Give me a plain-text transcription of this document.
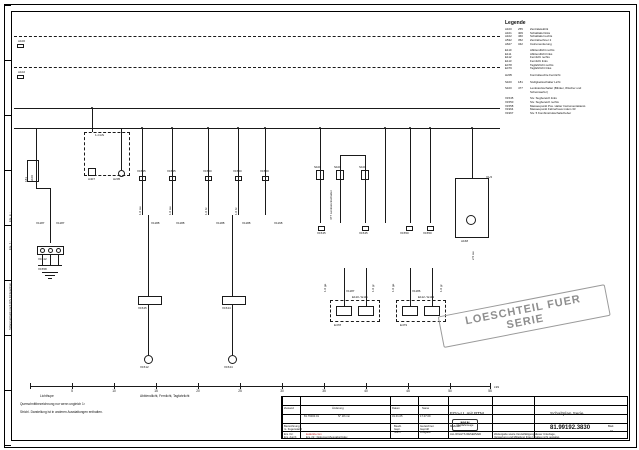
Schutzvermerk nach DIN 34 beachten
Ers. f. :
Ers. d. :
Legende
A100	255	Zentralelektrik
A101	409	Schalttafel links
A102	460	Schalttafel rechts
A532	352	Zentralrechner 2
A627	342	Instrumentierung
E110	Abblendlicht rechts
E111	Abblendlicht links
E112	Fernlicht rechts
E113	Fernlicht links
E478	Tagfahrlicht rechts
E479	Tagfahrlicht links
H205	Kontrolleuchte Fernlicht
S100	181	Stufigkeitsschalter Licht
S100	477	Lenkstockschalter (Blinker, Wischer und
Scheinwerfer)
X1545	Stv. Sugbereich links
X1550	Stv. Sugbereich rechts
X1558	Masseupunkt Pos. Halter Instrumentatianst.
X1964	Masseupunkt Fahrerhaus indem 33
X1967	Stv. 5 Kombinstrukschalscheber
A100
A102
S100
181
X1512
X1558
1-CAN
H205
A407
X1545
1.0 sw
X1545
1.0 sw
X1550
1.0 br
X1550
1.0 br
X1550
A168
X1/2
S100	S100	S100
477 Lenkstockschalter
X1187	X1187	X1188	X1188	X1188	X1188	X1168
X1545	X1545	X1550	X1550
E110 / E111	E112 / E113
E478	E479
X1187	X1186
X1544
X1545
X1512	X1544
1.0 ge	1.0 gr	1.0 ge	1.0 gr
2.5 sw
5	10	15	20	25	30	35	40	45	50	55
L99
Lichthupe	Abblendlicht, Fernlicht, Tagfahrlicht
Querschnittbezeichnung nur wenn ungleich 1²
Strichl. Darstellung ist in anderen Ausstattungen enthalten.
LOESCHTEIL FUER SERIE
81.76000.01	N° 18 nnn	31.01.05	17.07.09
Zustand	Änderung	Datum	Name
Bezeichnung
m. Fugenstand
Ers. für:
Ers. durch:
Bearb.
Gepr.
Norm
Gezeichnet
Geprüft
Freigabe
Maßstab
kedentiv.com
Ers.-Nr.: Dokument/Ausgabe/Index
FGn-LL mit PTM	Schaltplan Serie
81.99192.3830	Blatt
15
ALL RIGHTS RESERVED	Weitergabe sowie Vervielfältigung dieser Unterlage,
Verwertung und Mitteilung ihres Inhaltes nicht gestattet.
MAN
Nutzfahrzeuge
